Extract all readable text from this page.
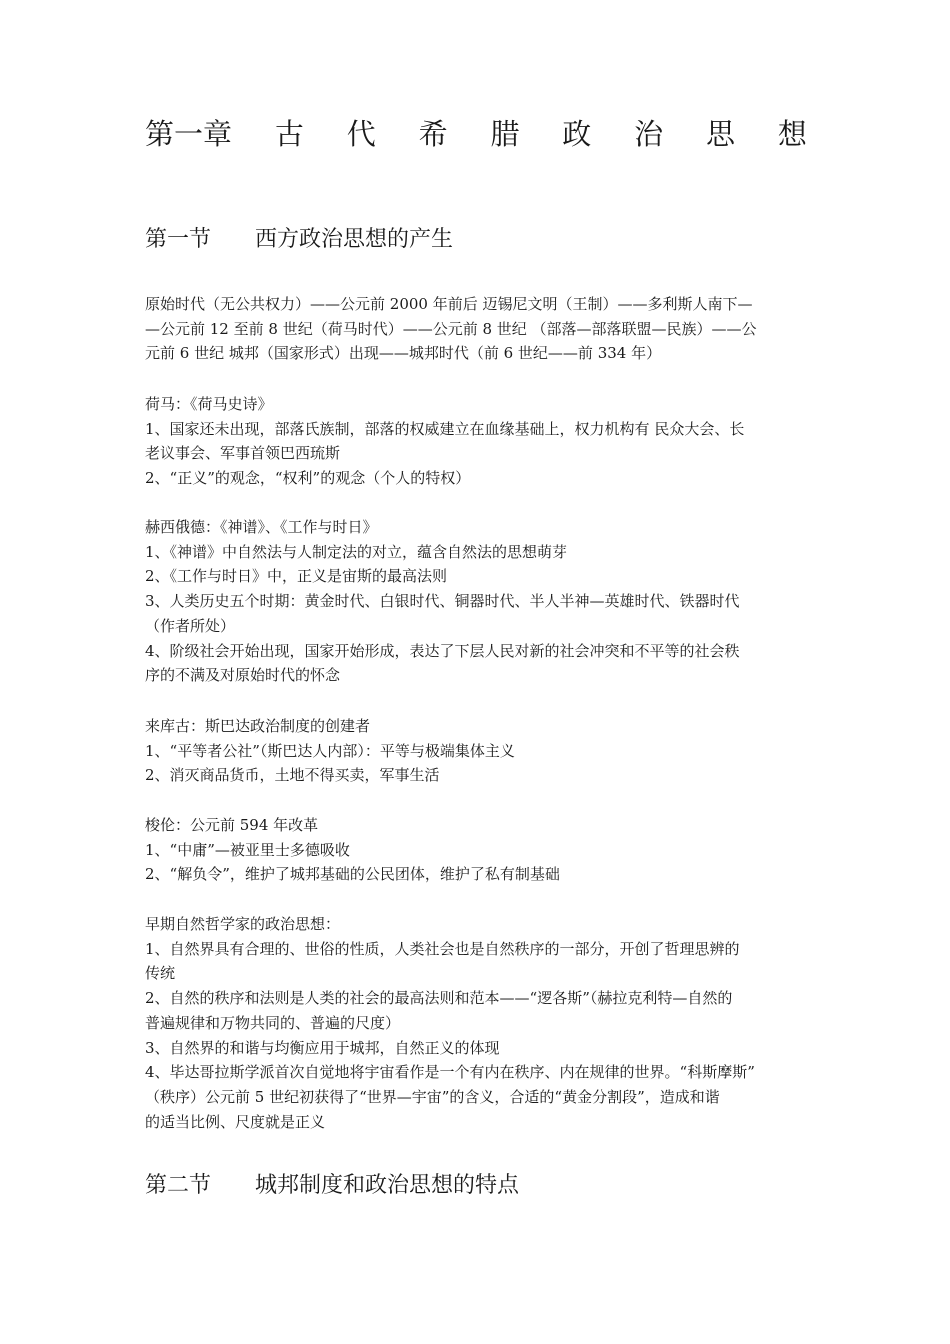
第一章 古 代 希 腊 政 治 思 想
第一节　　西方政治思想的产生

原始时代（无公共权力）——公元前 2000 年前后 迈锡尼文明（王制）——多利斯人南下—

—公元前 12 至前 8 世纪（荷马时代）——公元前 8 世纪 （部落—部落联盟—民族）——公

元前 6 世纪 城邦（国家形式）出现——城邦时代（前 6 世纪——前 334 年）

荷马：《荷马史诗》

1、国家还未出现，部落氏族制，部落的权威建立在血缘基础上，权力机构有 民众大会、长

老议事会、军事首领巴西琉斯

2、“正义”的观念，“权利”的观念（个人的特权）

赫西俄德：《神谱》、《工作与时日》

1、《神谱》中自然法与人制定法的对立，蕴含自然法的思想萌芽

2、《工作与时日》中，正义是宙斯的最高法则

3、人类历史五个时期：黄金时代、白银时代、铜器时代、半人半神—英雄时代、铁器时代

（作者所处）

4、阶级社会开始出现，国家开始形成，表达了下层人民对新的社会冲突和不平等的社会秩

序的不满及对原始时代的怀念

来库古：斯巴达政治制度的创建者

1、“平等者公社”（斯巴达人内部）：平等与极端集体主义

2、消灭商品货币，土地不得买卖，军事生活

梭伦：公元前 594 年改革

1、“中庸”—被亚里士多德吸收

2、“解负令”，维护了城邦基础的公民团体，维护了私有制基础

早期自然哲学家的政治思想：

1、自然界具有合理的、世俗的性质，人类社会也是自然秩序的一部分，开创了哲理思辨的

传统

2、自然的秩序和法则是人类的社会的最高法则和范本——“逻各斯”（赫拉克利特—自然的

普遍规律和万物共同的、普遍的尺度）

3、自然界的和谐与均衡应用于城邦，自然正义的体现

4、毕达哥拉斯学派首次自觉地将宇宙看作是一个有内在秩序、内在规律的世界。“科斯摩斯”

（秩序）公元前 5 世纪初获得了“世界—宇宙”的含义，合适的“黄金分割段”，造成和谐

的适当比例、尺度就是正义

第二节　　城邦制度和政治思想的特点
